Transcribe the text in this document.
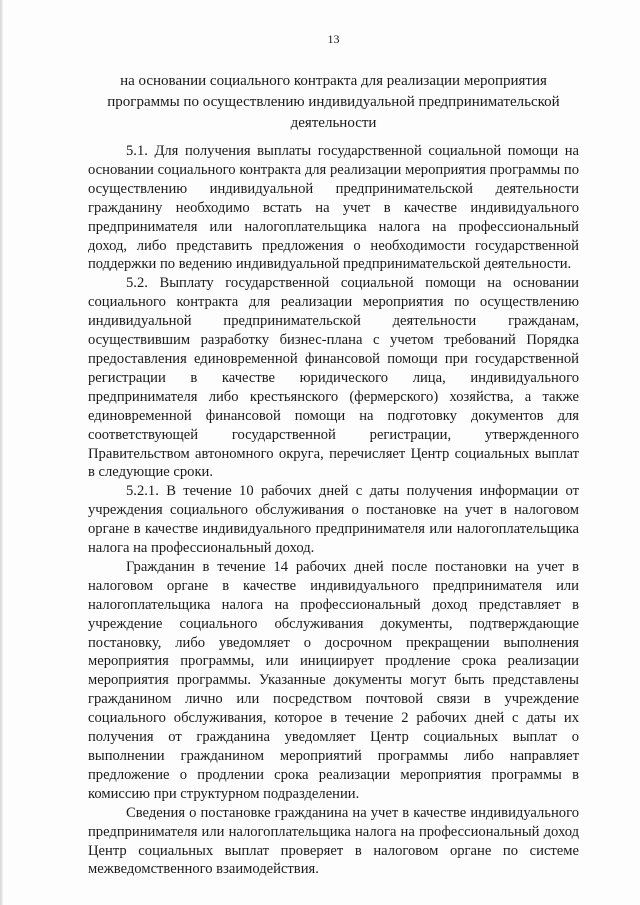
13
на основании социального контракта для реализации мероприятия
программы по осуществлению индивидуальной предпринимательской
деятельности

5.1. Для получения выплаты государственной социальной помощи на основании социального контракта для реализации мероприятия программы по осуществлению индивидуальной предпринимательской деятельности гражданину необходимо встать на учет в качестве индивидуального предпринимателя или налогоплательщика налога на профессиональный доход, либо представить предложения о необходимости государственной поддержки по ведению индивидуальной предпринимательской деятельности.

5.2. Выплату государственной социальной помощи на основании социального контракта для реализации мероприятия по осуществлению индивидуальной предпринимательской деятельности гражданам, осуществившим разработку бизнес-плана с учетом требований Порядка предоставления единовременной финансовой помощи при государственной регистрации в качестве юридического лица, индивидуального предпринимателя либо крестьянского (фермерского) хозяйства, а также единовременной финансовой помощи на подготовку документов для соответствующей государственной регистрации, утвержденного Правительством автономного округа, перечисляет Центр социальных выплат в следующие сроки.

5.2.1. В течение 10 рабочих дней с даты получения информации от учреждения социального обслуживания о постановке на учет в налоговом органе в качестве индивидуального предпринимателя или налогоплательщика налога на профессиональный доход.

Гражданин в течение 14 рабочих дней после постановки на учет в налоговом органе в качестве индивидуального предпринимателя или налогоплательщика налога на профессиональный доход представляет в учреждение социального обслуживания документы, подтверждающие постановку, либо уведомляет о досрочном прекращении выполнения мероприятия программы, или инициирует продление срока реализации мероприятия программы. Указанные документы могут быть представлены гражданином лично или посредством почтовой связи в учреждение социального обслуживания, которое в течение 2 рабочих дней с даты их получения от гражданина уведомляет Центр социальных выплат о выполнении гражданином мероприятий программы либо направляет предложение о продлении срока реализации мероприятия программы в комиссию при структурном подразделении.

Сведения о постановке гражданина на учет в качестве индивидуального предпринимателя или налогоплательщика налога на профессиональный доход Центр социальных выплат проверяет в налоговом органе по системе межведомственного взаимодействия.
